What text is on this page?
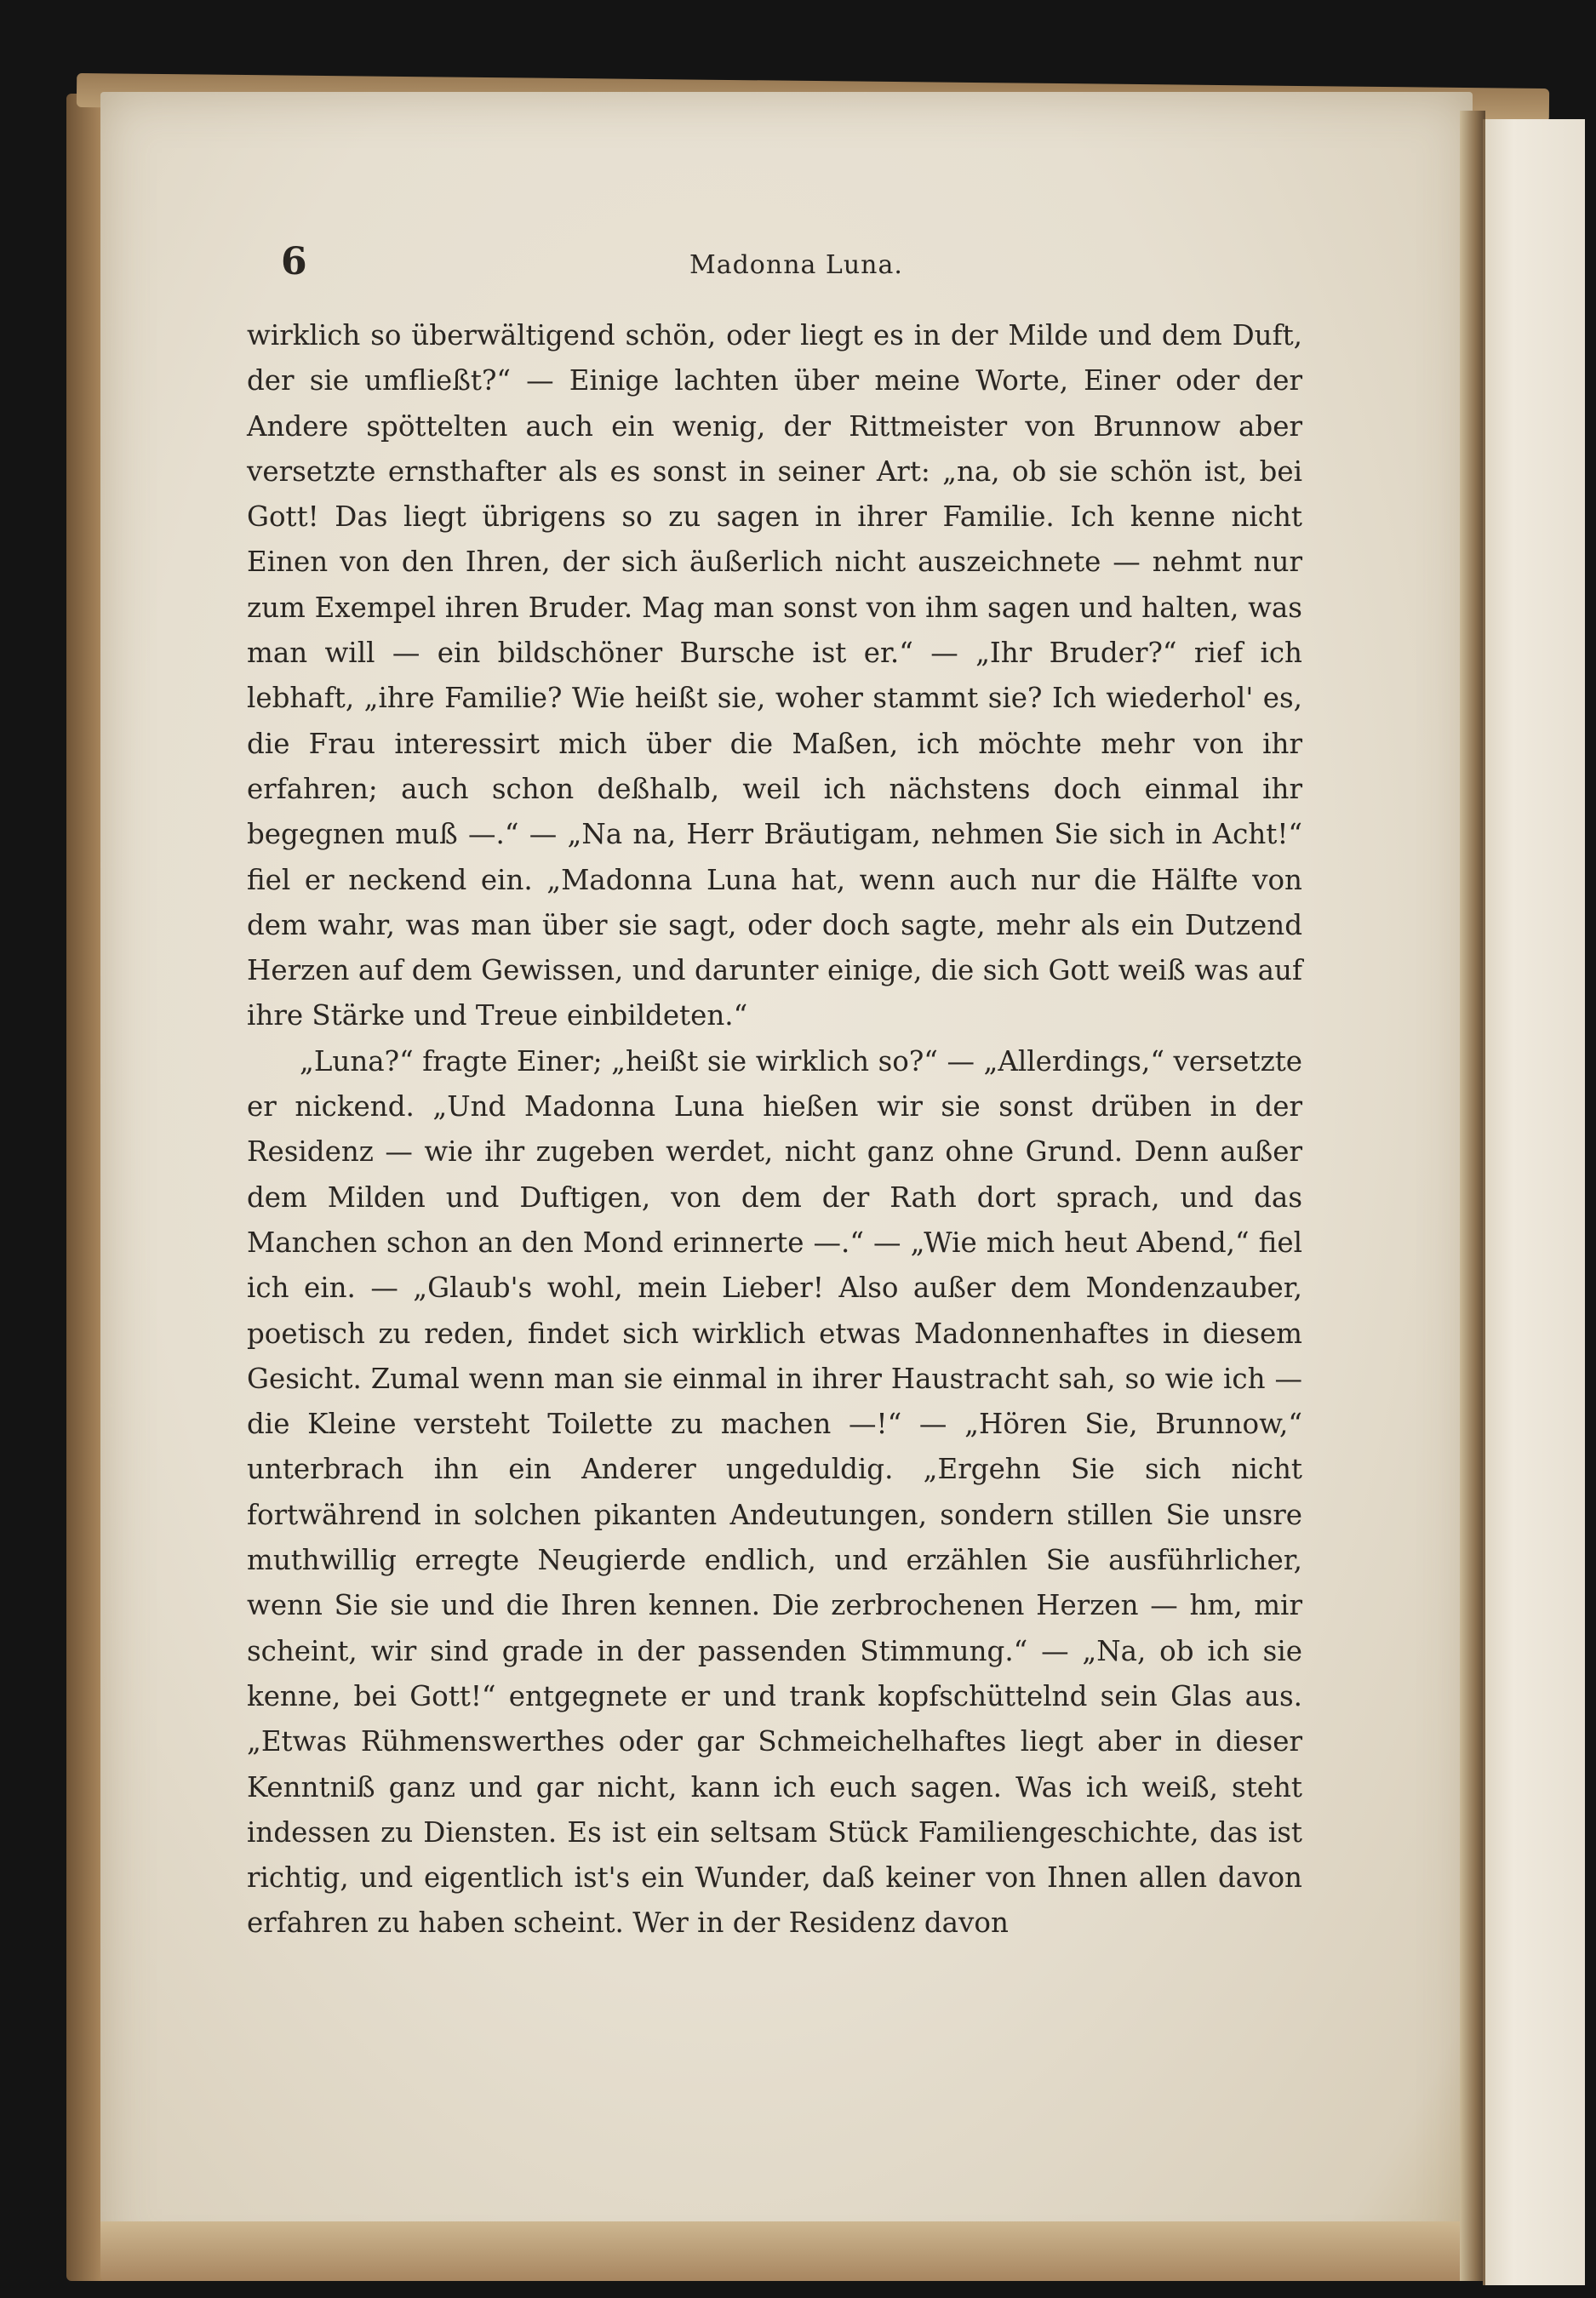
6	Madonna Luna.

wirklich so überwältigend schön, oder liegt es in der Milde und dem Duft, der sie umfließt?“ — Einige lachten über meine Worte, Einer oder der Andere spöttelten auch ein wenig, der Rittmeister von Brunnow aber versetzte ernsthafter als es sonst in seiner Art: „na, ob sie schön ist, bei Gott! Das liegt übrigens so zu sagen in ihrer Familie. Ich kenne nicht Einen von den Ihren, der sich äußerlich nicht auszeichnete — nehmt nur zum Exempel ihren Bruder. Mag man sonst von ihm sagen und halten, was man will — ein bildschöner Bursche ist er.“ — „Ihr Bruder?“ rief ich lebhaft, „ihre Familie? Wie heißt sie, woher stammt sie? Ich wiederhol' es, die Frau interessirt mich über die Maßen, ich möchte mehr von ihr erfahren; auch schon deßhalb, weil ich nächstens doch einmal ihr begegnen muß —.“ — „Na na, Herr Bräutigam, nehmen Sie sich in Acht!“ fiel er neckend ein. „Madonna Luna hat, wenn auch nur die Hälfte von dem wahr, was man über sie sagt, oder doch sagte, mehr als ein Dutzend Herzen auf dem Gewissen, und darunter einige, die sich Gott weiß was auf ihre Stärke und Treue einbildeten.“

„Luna?“ fragte Einer; „heißt sie wirklich so?“ — „Allerdings,“ versetzte er nickend. „Und Madonna Luna hießen wir sie sonst drüben in der Residenz — wie ihr zugeben werdet, nicht ganz ohne Grund. Denn außer dem Milden und Duftigen, von dem der Rath dort sprach, und das Manchen schon an den Mond erinnerte —.“ — „Wie mich heut Abend,“ fiel ich ein. — „Glaub's wohl, mein Lieber! Also außer dem Mondenzauber, poetisch zu reden, findet sich wirklich etwas Madonnenhaftes in diesem Gesicht. Zumal wenn man sie einmal in ihrer Haustracht sah, so wie ich — die Kleine versteht Toilette zu machen —!“ — „Hören Sie, Brunnow,“ unterbrach ihn ein Anderer ungeduldig. „Ergehn Sie sich nicht fortwährend in solchen pikanten Andeutungen, sondern stillen Sie unsre muthwillig erregte Neugierde endlich, und erzählen Sie ausführlicher, wenn Sie sie und die Ihren kennen. Die zerbrochenen Herzen — hm, mir scheint, wir sind grade in der passenden Stimmung.“ — „Na, ob ich sie kenne, bei Gott!“ entgegnete er und trank kopfschüttelnd sein Glas aus. „Etwas Rühmenswerthes oder gar Schmeichelhaftes liegt aber in dieser Kenntniß ganz und gar nicht, kann ich euch sagen. Was ich weiß, steht indessen zu Diensten. Es ist ein seltsam Stück Familiengeschichte, das ist richtig, und eigentlich ist's ein Wunder, daß keiner von Ihnen allen davon erfahren zu haben scheint. Wer in der Residenz davon
